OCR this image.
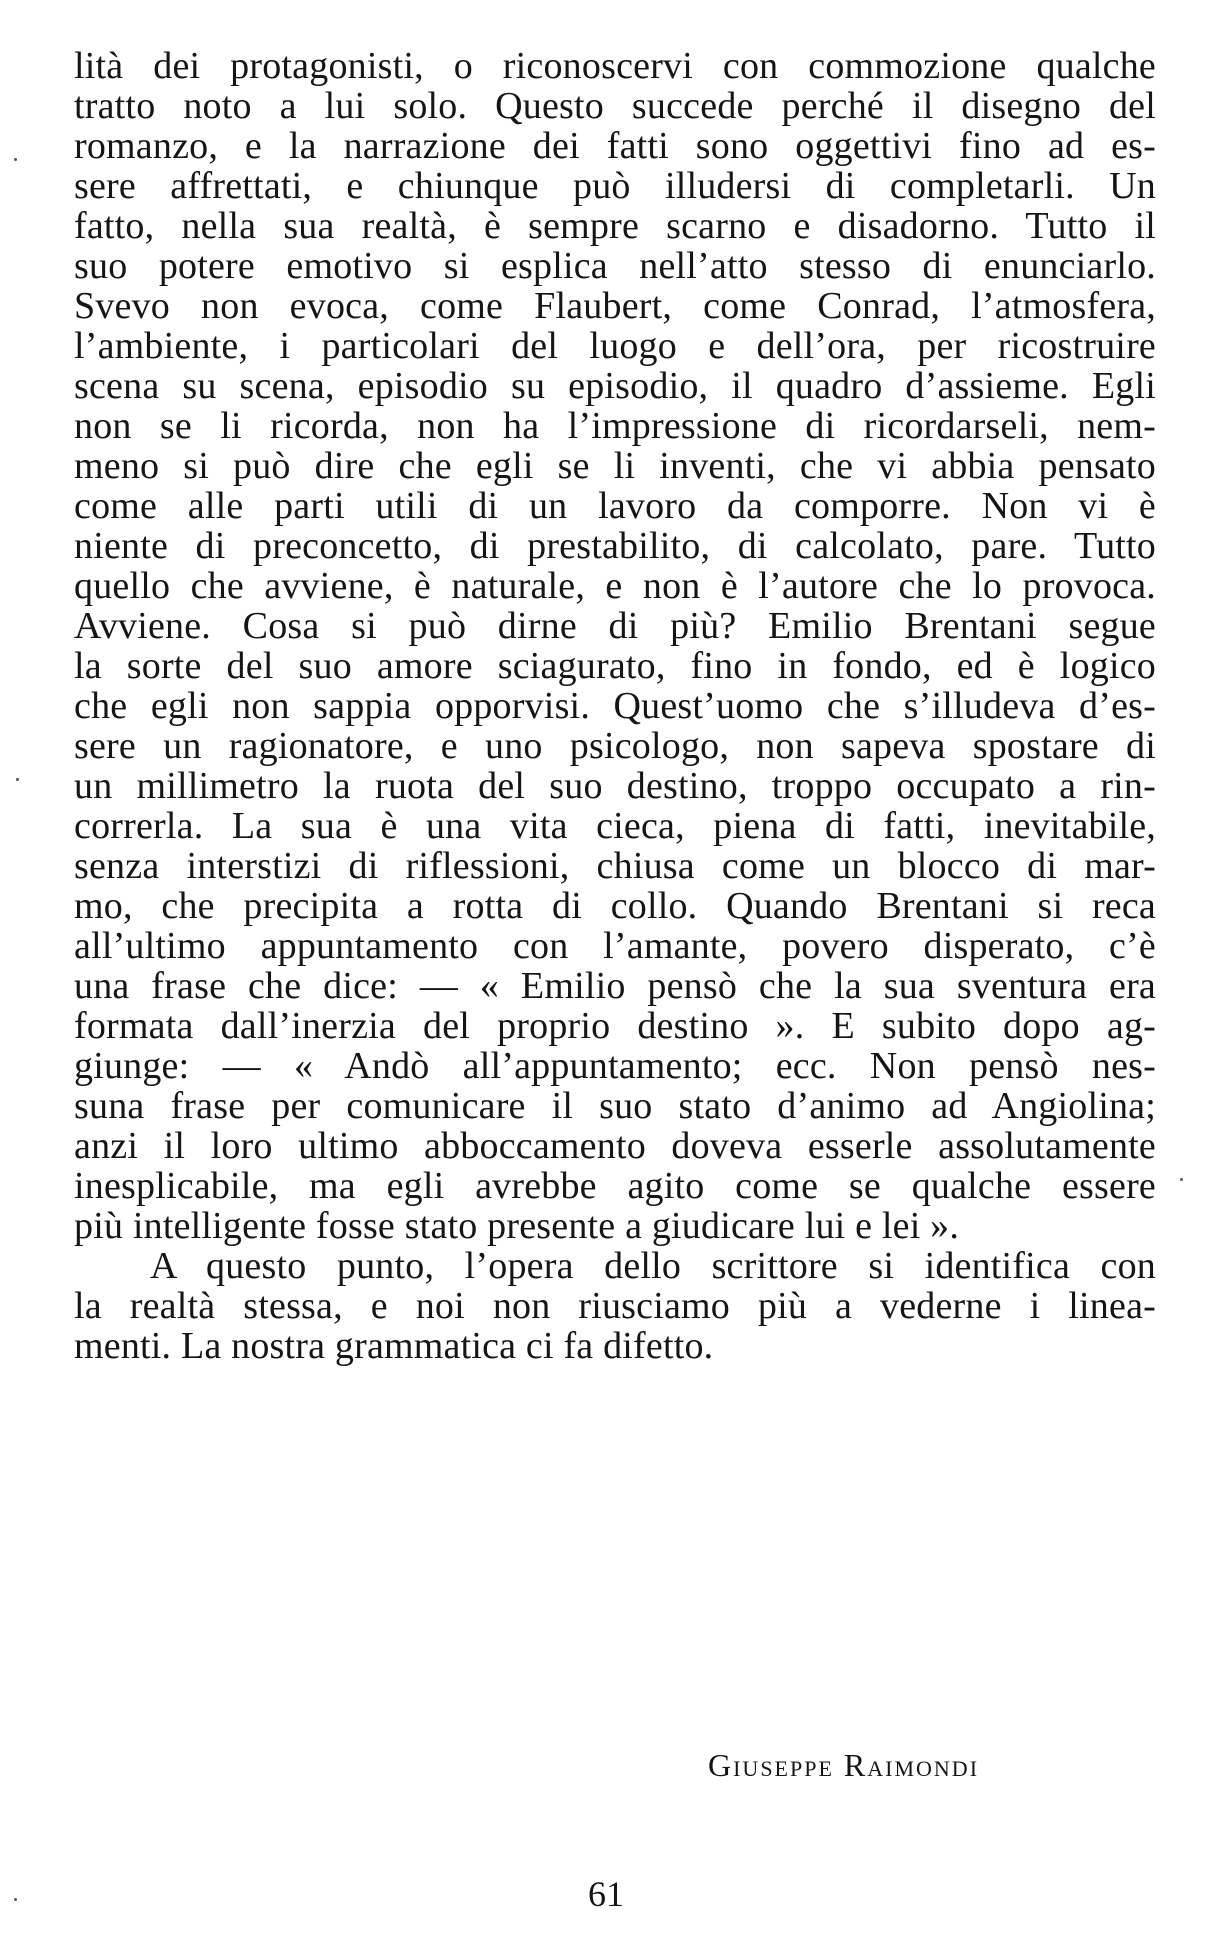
lità dei protagonisti, o riconoscervi con commozione qualche
tratto noto a lui solo. Questo succede perché il disegno del
romanzo, e la narrazione dei fatti sono oggettivi fino ad es-
sere affrettati, e chiunque può illudersi di completarli. Un
fatto, nella sua realtà, è sempre scarno e disadorno. Tutto il
suo potere emotivo si esplica nell’atto stesso di enunciarlo.
Svevo non evoca, come Flaubert, come Conrad, l’atmosfera,
l’ambiente, i particolari del luogo e dell’ora, per ricostruire
scena su scena, episodio su episodio, il quadro d’assieme. Egli
non se li ricorda, non ha l’impressione di ricordarseli, nem-
meno si può dire che egli se li inventi, che vi abbia pensato
come alle parti utili di un lavoro da comporre. Non vi è
niente di preconcetto, di prestabilito, di calcolato, pare. Tutto
quello che avviene, è naturale, e non è l’autore che lo provoca.
Avviene. Cosa si può dirne di più? Emilio Brentani segue
la sorte del suo amore sciagurato, fino in fondo, ed è logico
che egli non sappia opporvisi. Quest’uomo che s’illudeva d’es-
sere un ragionatore, e uno psicologo, non sapeva spostare di
un millimetro la ruota del suo destino, troppo occupato a rin-
correrla. La sua è una vita cieca, piena di fatti, inevitabile,
senza interstizi di riflessioni, chiusa come un blocco di mar-
mo, che precipita a rotta di collo. Quando Brentani si reca
all’ultimo appuntamento con l’amante, povero disperato, c’è
una frase che dice: — « Emilio pensò che la sua sventura era
formata dall’inerzia del proprio destino ». E subito dopo ag-
giunge: — « Andò all’appuntamento; ecc. Non pensò nes-
suna frase per comunicare il suo stato d’animo ad Angiolina;
anzi il loro ultimo abboccamento doveva esserle assolutamente
inesplicabile, ma egli avrebbe agito come se qualche essere
più intelligente fosse stato presente a giudicare lui e lei ».
A questo punto, l’opera dello scrittore si identifica con
la realtà stessa, e noi non riusciamo più a vederne i linea-
menti. La nostra grammatica ci fa difetto.
Giuseppe Raimondi
61
